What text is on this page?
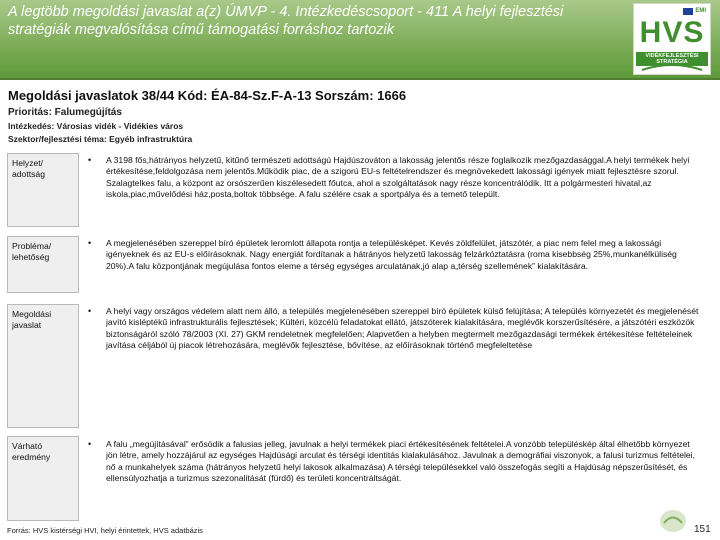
A legtöbb megoldási javaslat a(z) ÚMVP - 4. Intézkedéscsoport - 411 A helyi fejlesztési stratégiák megvalósítása című támogatási forráshoz tartozik
EMI
HVS
VIDÉKFEJLESZTÉSI STRATÉGIA
Megoldási javaslatok 38/44 Kód: ÉA-84-Sz.F-A-13 Sorszám: 1666
Prioritás: Falumegújítás
Intézkedés: Városias vidék - Vidékies város
Szektor/fejlesztési téma: Egyéb infrastruktúra
Helyzet/ adottság
• A 3198 fős,hátrányos helyzetű, kitűnő természeti adottságú Hajdúszováton a lakosság jelentős része foglalkozik mezőgazdasággal.A helyi termékek helyi értékesítése,feldolgozása nem jelentős.Működik piac, de a szigorú EU-s feltételrendszer és megnövekedett lakossági igények miatt fejlesztésre szorul. Szalagtelkes falu, a központ az orsószerűen kiszélesedett főutca, ahol a szolgáltatások nagy része koncentrálódik. Itt a polgármesteri hivatal,az iskola,piac,művelődési ház,posta,boltok többsége. A falu szélére csak a sportpálya és a temető települt.
Probléma/ lehetőség
• A megjelenésében szereppel bíró épületek leromlott állapota rontja a településképet. Kevés zöldfelület, játszótér, a piac nem felel meg a lakossági igényeknek és az EU-s előírásoknak. Nagy energiát fordítanak a hátrányos helyzetű lakosság felzárkóztatásra (roma kisebbség 25%,munkanélküliség 20%).A falu központjának megújulása fontos eleme a térség egységes arculatának,jó alap a„térség szellemének” kialakítására.
Megoldási javaslat
• A helyi vagy országos védelem alatt nem álló, a település megjelenésében szereppel bíró épületek külső felújítása; A település környezetét és megjelenését javító kisléptékű infrastrukturális fejlesztések; Kültéri, közcélú feladatokat ellátó, játszóterek kialakítására, meglévők korszerűsítésére, a játszótéri eszközök biztonságáról szóló 78/2003 (XI. 27) GKM rendeletnek megfelelően; Alapvetően a helyben megtermelt mezőgazdasági termékek értékesítése feltételeinek javítása céljából új piacok létrehozására, meglévők fejlesztése, bővítése, az előírásoknak történő megfeleltetése
Várható eredmény
• A falu „megújításával” erősödik a falusias jelleg, javulnak a helyi termékek piaci értékesítésének feltételei.A vonzóbb településkép által élhetőbb környezet jön létre, amely hozzájárul az egységes Hajdúsági arculat és térségi identitás kialakulásához. Javulnak a demográfiai viszonyok, a falusi turizmus feltételei, nő a munkahelyek száma (hátrányos helyzetű helyi lakosok alkalmazása) A térségi településekkel való összefogás segíti a Hajdúság népszerűsítését, és ellensúlyozhatja a turizmus szezonalitását (fürdő) és területi koncentráltságát.
Forrás: HVS kistérségi HVI, helyi érintettek, HVS adatbázis	151
